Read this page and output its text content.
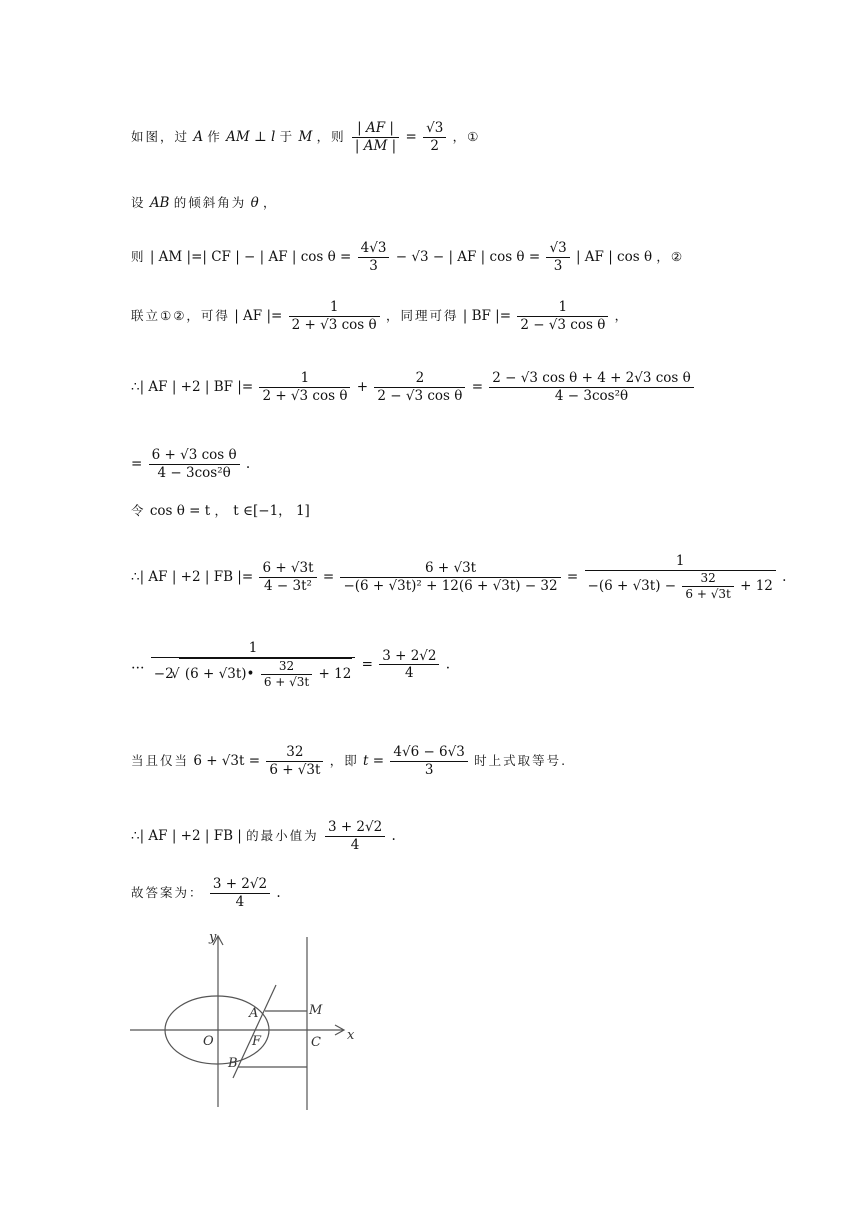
如图，过 A 作 AM ⊥ l 于 M ，则 $\frac{| AF |}{| AM |} = \frac{√3}{2}$ ，①
设 AB 的倾斜角为 θ ，
则 | AM |=| CF | − | AF | $\cos \theta = \frac{4√3}{3} - √3$ − | AF | $\cos \theta = \frac{√3}{3}$ | AF | cos θ ，②
联立①②，可得 | AF |= $\frac{1}{\text{2 + √3 cos θ}}$ ，同理可得 | BF |= $\frac{1}{\text{2 − √3 cos θ}}$ ，
∴| AF | +2 | BF |= $\frac{1}{\text{2 + √3 cos θ}} + \frac{2}{\text{2 − √3 cos θ}} = \frac{\text{2 − √3 cos θ + 4 + 2√3 cos θ}}{\text{4 − 3cos²θ}}$
= $\frac{\text{6 + √3 cos θ}}{\text{4 − 3cos²θ}}$ .
令 cos θ = t ， t ∈[−1， 1]
∴| AF | +2 | FB |= $\frac{6 + √3t}{\text{4 − 3t²}} = \frac{6 + √3t}{\text{−(6 + √3t)² + 12(6 + √3t) − 32}}$ =
1
$-(6 + √3t) - \frac{32}{6 + √3t} + 12$
.
…
1
−2  √ (6 + √3t)• $\frac{32}{6 + √3t} + 12$
= $\frac{3 + 2√2}{4}$ .
当且仅当 $6 + √3t = \frac{32}{6 + √3t}$ ，即 $t = \frac{4√6 - 6√3}{3}$ 时上式取等号.
∴| AF | +2 | FB | 的最小值为 $\frac{3 + 2√2}{4}$ .
故答案为： $\frac{3 + 2√2}{4}$ .
y
x
O
A
F
B
C
M
